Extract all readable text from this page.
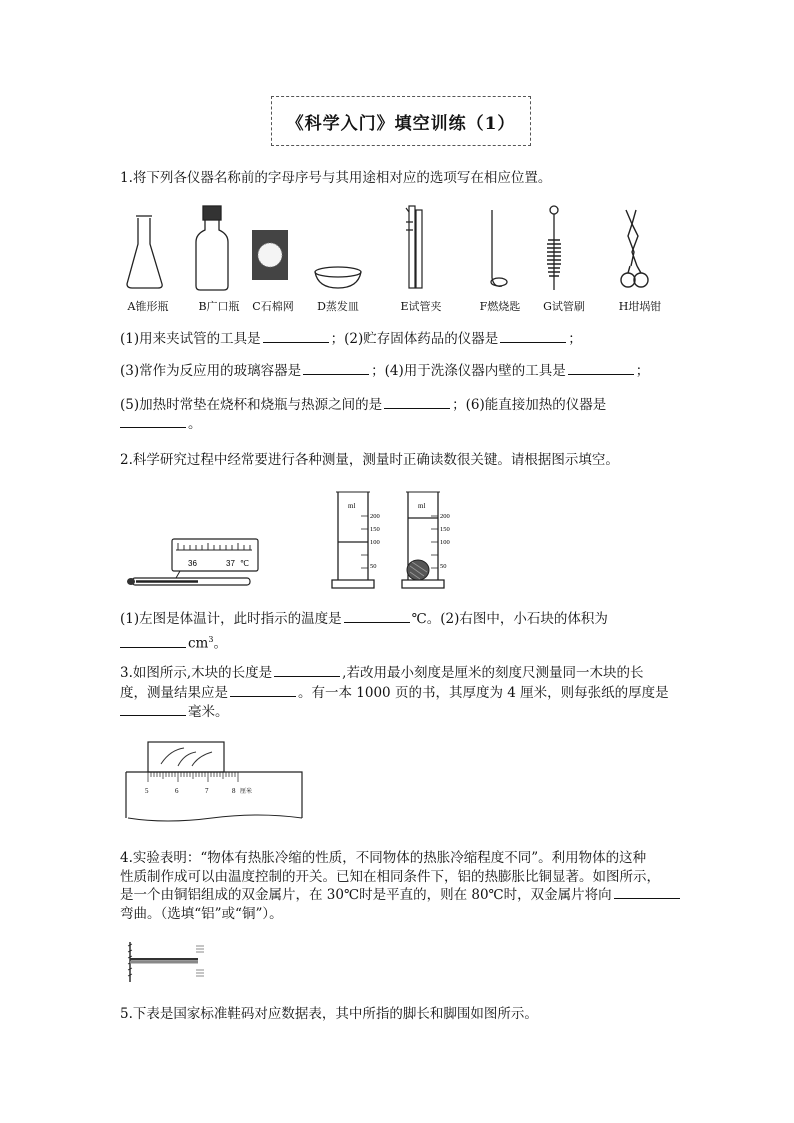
《科学入门》填空训练（1）
1.将下列各仪器名称前的字母序号与其用途相对应的选项写在相应位置。
A锥形瓶	B广口瓶	C石棉网	D蒸发皿	E试管夹	F燃烧匙	G试管刷	H坩埚钳
(1)用来夹试管的工具是	；(2)贮存固体药品的仪器是	；
(3)常作为反应用的玻璃容器是	；(4)用于洗涤仪器内壁的工具是	；
(5)加热时常垫在烧杯和烧瓶与热源之间的是	；(6)能直接加热的仪器是
。
2.科学研究过程中经常要进行各种测量，测量时正确读数很关键。请根据图示填空。
36	37 ℃
ml
200
150
100
50
ml
200
150
100
50
(1)左图是体温计，此时指示的温度是	℃。(2)右图中，小石块的体积为
$cm^3$。
3.如图所示,木块的长度是	,若改用最小刻度是厘米的刻度尺测量同一木块的长
度，测量结果应是	。有一本 1000 页的书，其厚度为 4 厘米，则每张纸的厚度是
毫米。
5	6	7	8 厘米
4.实验表明：“物体有热胀冷缩的性质，不同物体的热胀冷缩程度不同”。利用物体的这种
性质制作成可以由温度控制的开关。已知在相同条件下，铝的热膨胀比铜显著。如图所示，
是一个由铜铝组成的双金属片，在 30℃时是平直的，则在 80℃时，双金属片将向
弯曲。（选填“铝”或“铜”）。
5.下表是国家标准鞋码对应数据表，其中所指的脚长和脚围如图所示。
